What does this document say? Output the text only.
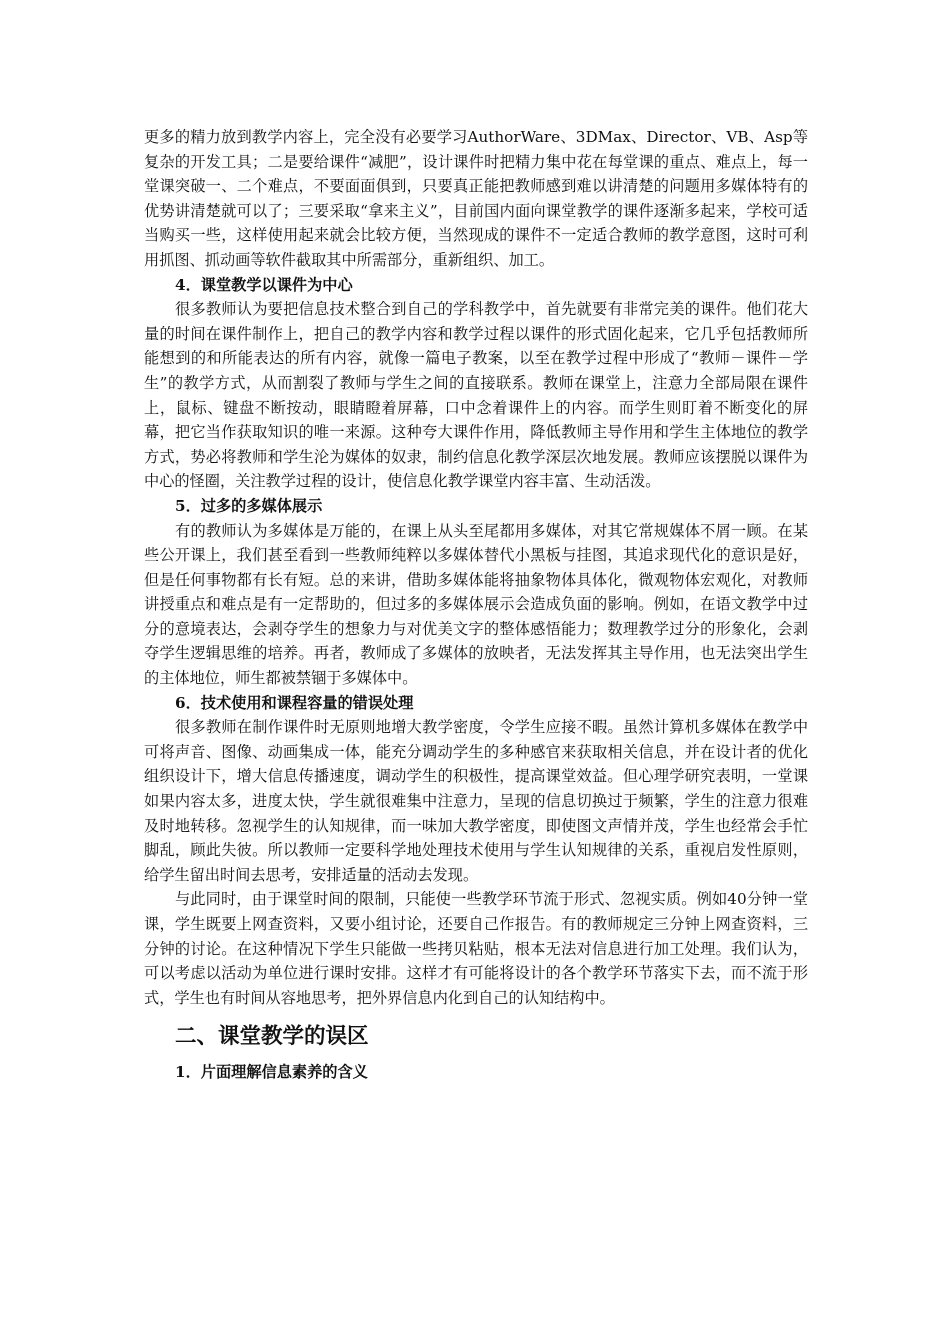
更多的精力放到教学内容上，完全没有必要学习AuthorWare、3DMax、Director、VB、Asp等复杂的开发工具；二是要给课件“减肥”，设计课件时把精力集中花在每堂课的重点、难点上，每一堂课突破一、二个难点，不要面面俱到，只要真正能把教师感到难以讲清楚的问题用多媒体特有的优势讲清楚就可以了；三要采取“拿来主义”，目前国内面向课堂教学的课件逐渐多起来，学校可适当购买一些，这样使用起来就会比较方便，当然现成的课件不一定适合教师的教学意图，这时可利用抓图、抓动画等软件截取其中所需部分，重新组织、加工。

4．课堂教学以课件为中心

很多教师认为要把信息技术整合到自己的学科教学中，首先就要有非常完美的课件。他们花大量的时间在课件制作上，把自己的教学内容和教学过程以课件的形式固化起来，它几乎包括教师所能想到的和所能表达的所有内容，就像一篇电子教案，以至在教学过程中形成了“教师－课件－学生”的教学方式，从而割裂了教师与学生之间的直接联系。教师在课堂上，注意力全部局限在课件上，鼠标、键盘不断按动，眼睛瞪着屏幕，口中念着课件上的内容。而学生则盯着不断变化的屏幕，把它当作获取知识的唯一来源。这种夸大课件作用，降低教师主导作用和学生主体地位的教学方式，势必将教师和学生沦为媒体的奴隶，制约信息化教学深层次地发展。教师应该摆脱以课件为中心的怪圈，关注教学过程的设计，使信息化教学课堂内容丰富、生动活泼。

5．过多的多媒体展示

有的教师认为多媒体是万能的，在课上从头至尾都用多媒体，对其它常规媒体不屑一顾。在某些公开课上，我们甚至看到一些教师纯粹以多媒体替代小黑板与挂图，其追求现代化的意识是好，但是任何事物都有长有短。总的来讲，借助多媒体能将抽象物体具体化，微观物体宏观化，对教师讲授重点和难点是有一定帮助的，但过多的多媒体展示会造成负面的影响。例如，在语文教学中过分的意境表达，会剥夺学生的想象力与对优美文字的整体感悟能力；数理教学过分的形象化，会剥夺学生逻辑思维的培养。再者，教师成了多媒体的放映者，无法发挥其主导作用，也无法突出学生的主体地位，师生都被禁锢于多媒体中。

6．技术使用和课程容量的错误处理

很多教师在制作课件时无原则地增大教学密度，令学生应接不暇。虽然计算机多媒体在教学中可将声音、图像、动画集成一体，能充分调动学生的多种感官来获取相关信息，并在设计者的优化组织设计下，增大信息传播速度，调动学生的积极性，提高课堂效益。但心理学研究表明，一堂课如果内容太多，进度太快，学生就很难集中注意力，呈现的信息切换过于频繁，学生的注意力很难及时地转移。忽视学生的认知规律，而一味加大教学密度，即使图文声情并茂，学生也经常会手忙脚乱，顾此失彼。所以教师一定要科学地处理技术使用与学生认知规律的关系，重视启发性原则，给学生留出时间去思考，安排适量的活动去发现。

与此同时，由于课堂时间的限制，只能使一些教学环节流于形式、忽视实质。例如40分钟一堂课，学生既要上网查资料，又要小组讨论，还要自己作报告。有的教师规定三分钟上网查资料，三分钟的讨论。在这种情况下学生只能做一些拷贝粘贴，根本无法对信息进行加工处理。我们认为，可以考虑以活动为单位进行课时安排。这样才有可能将设计的各个教学环节落实下去，而不流于形式，学生也有时间从容地思考，把外界信息内化到自己的认知结构中。

二、课堂教学的误区

1．片面理解信息素养的含义
